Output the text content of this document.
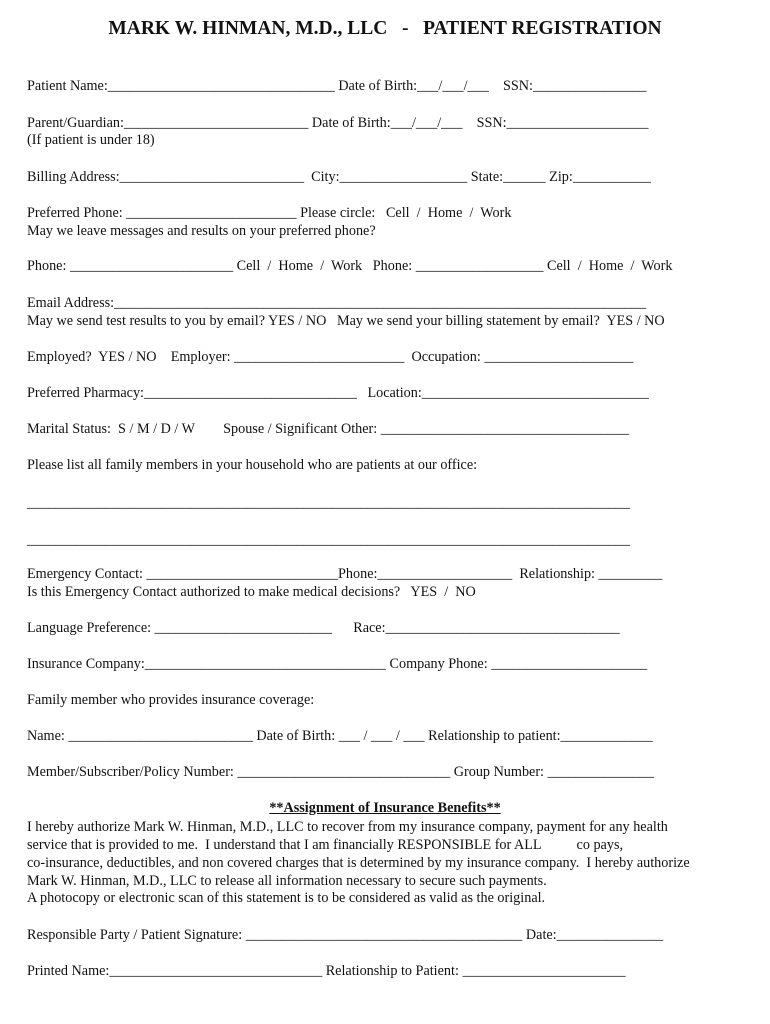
MARK W. HINMAN, M.D., LLC   -   PATIENT REGISTRATION
Patient Name:________________________________ Date of Birth:___/___/___    SSN:________________
Parent/Guardian:__________________________ Date of Birth:___/___/___    SSN:____________________
(If patient is under 18)
Billing Address:__________________________  City:__________________ State:______ Zip:___________
Preferred Phone: ________________________ Please circle:   Cell  /  Home  /  Work
May we leave messages and results on your preferred phone?
Phone: _______________________ Cell  /  Home  /  Work   Phone: __________________ Cell  /  Home  /  Work
Email Address:___________________________________________________________________________
May we send test results to you by email? YES / NO   May we send your billing statement by email?  YES / NO
Employed?  YES / NO    Employer: ________________________  Occupation: _____________________
Preferred Pharmacy:______________________________   Location:________________________________
Marital Status:  S / M / D / W        Spouse / Significant Other: ___________________________________
Please list all family members in your household who are patients at our office:
_____________________________________________________________________________________
_____________________________________________________________________________________
Emergency Contact: ___________________________Phone:___________________  Relationship: _________
Is this Emergency Contact authorized to make medical decisions?   YES  /  NO
Language Preference: _________________________      Race:_________________________________
Insurance Company:__________________________________ Company Phone: ______________________
Family member who provides insurance coverage:
Name: __________________________ Date of Birth: ___ / ___ / ___ Relationship to patient:_____________
Member/Subscriber/Policy Number: ______________________________ Group Number: _______________
**Assignment of Insurance Benefits**
I hereby authorize Mark W. Hinman, M.D., LLC to recover from my insurance company, payment for any health
service that is provided to me.  I understand that I am financially RESPONSIBLE for ALL          co pays,
co-insurance, deductibles, and non covered charges that is determined by my insurance company.  I hereby authorize
Mark W. Hinman, M.D., LLC to release all information necessary to secure such payments.
A photocopy or electronic scan of this statement is to be considered as valid as the original.
Responsible Party / Patient Signature: _______________________________________ Date:_______________
Printed Name:______________________________ Relationship to Patient: _______________________
